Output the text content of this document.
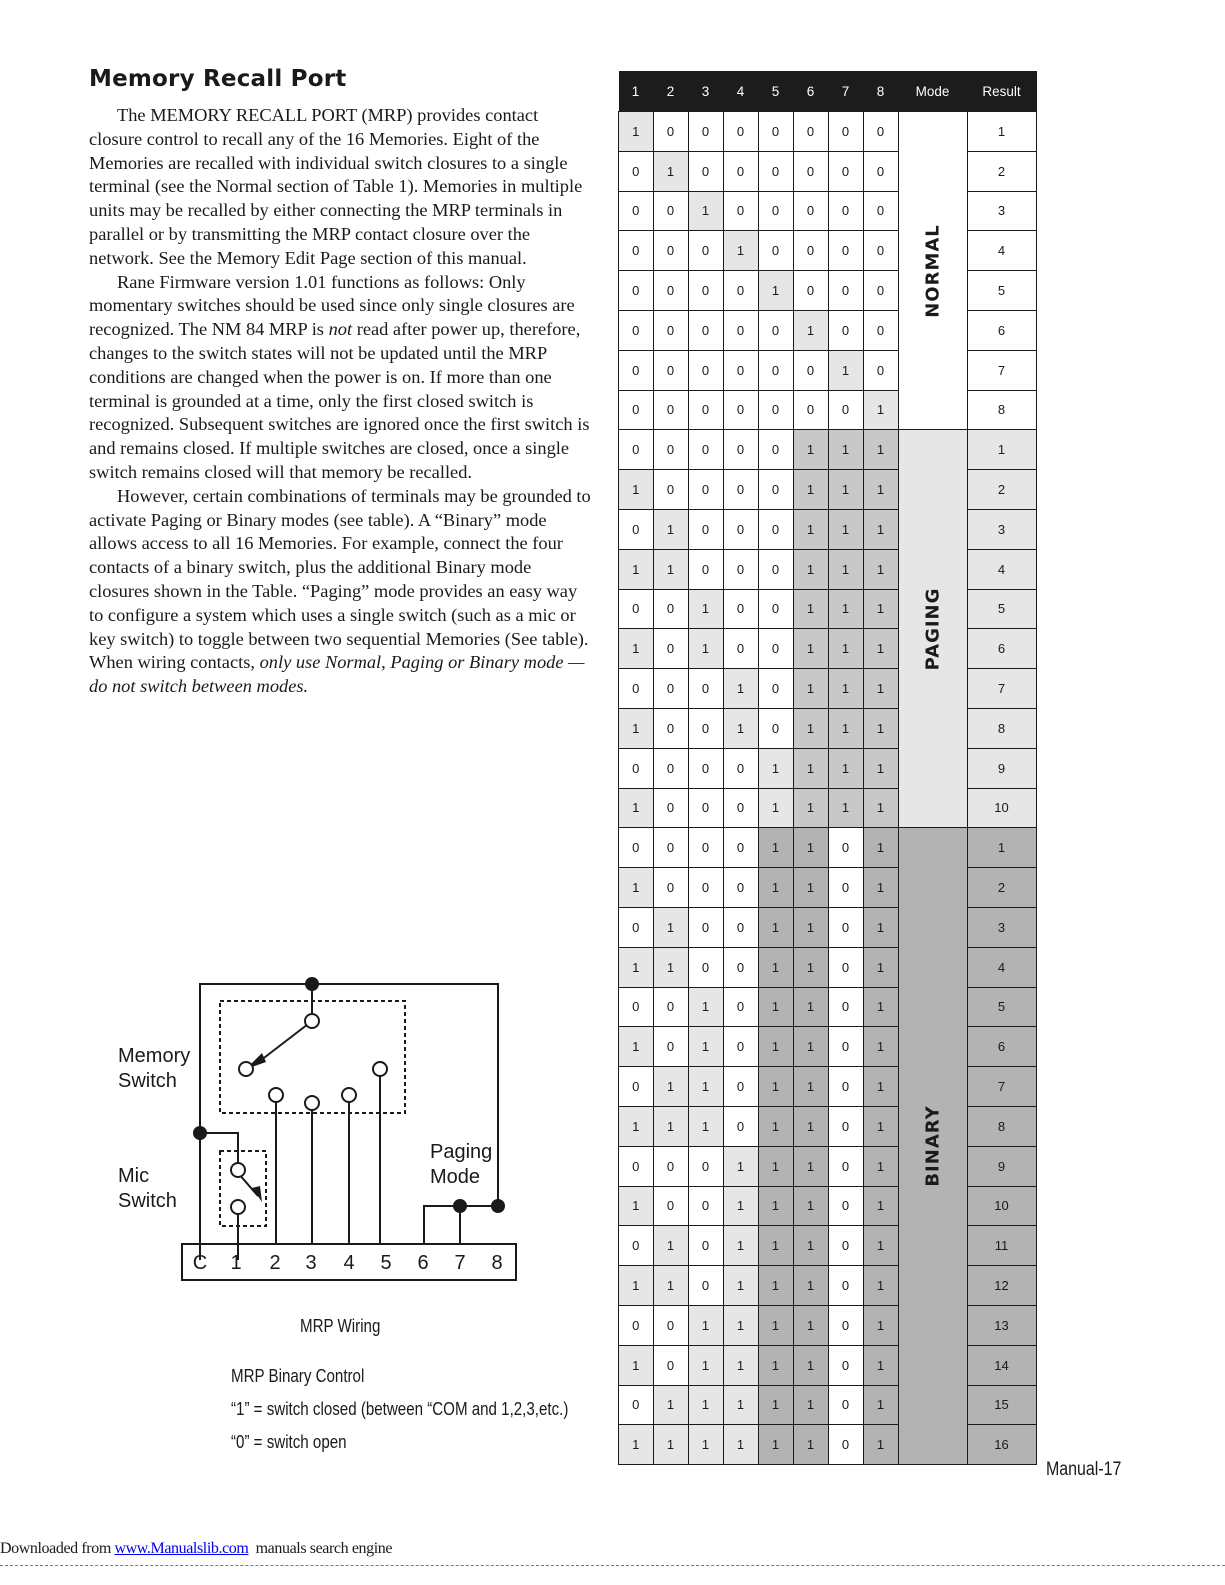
Memory Recall Port

The MEMORY RECALL PORT (MRP) provides contact closure control to recall any of the 16 Memories. Eight of the Memories are recalled with individual switch closures to a single terminal (see the Normal section of Table 1). Memories in multiple units may be recalled by either connecting the MRP terminals in parallel or by transmitting the MRP contact closure over the network. See the Memory Edit Page section of this manual.

Rane Firmware version 1.01 functions as follows: Only momentary switches should be used since only single closures are recognized. The NM 84 MRP is not read after power up, therefore, changes to the switch states will not be updated until the MRP conditions are changed when the power is on. If more than one terminal is grounded at a time, only the first closed switch is recognized. Subsequent switches are ignored once the first switch is and remains closed. If multiple switches are closed, once a single switch remains closed will that memory be recalled.

However, certain combinations of terminals may be grounded to activate Paging or Binary modes (see table). A “Binary” mode allows access to all 16 Memories. For example, connect the four contacts of a binary switch, plus the additional Binary mode closures shown in the Table. “Paging” mode provides an easy way to configure a system which uses a single switch (such as a mic or key switch) to toggle between two sequential Memories (See table). When wiring contacts, only use Normal, Paging or Binary mode — do not switch between modes.

C 1 2 3 4 5 6 7 8
Memory
Switch
Mic
Switch
Paging
Mode
MRP Wiring
MRP Binary Control
“1” = switch closed (between “COM and 1,2,3,etc.)
“0” = switch open
1	2	3	4	5	6	7	8	Mode	Result
1	0	0	0	0	0	0	0	NORMAL	1
0	1	0	0	0	0	0	0		2
0	0	1	0	0	0	0	0		3
0	0	0	1	0	0	0	0		4
0	0	0	0	1	0	0	0		5
0	0	0	0	0	1	0	0		6
0	0	0	0	0	0	1	0		7
0	0	0	0	0	0	0	1		8
0	0	0	0	0	1	1	1	PAGING	1
1	0	0	0	0	1	1	1		2
0	1	0	0	0	1	1	1		3
1	1	0	0	0	1	1	1		4
0	0	1	0	0	1	1	1		5
1	0	1	0	0	1	1	1		6
0	0	0	1	0	1	1	1		7
1	0	0	1	0	1	1	1		8
0	0	0	0	1	1	1	1		9
1	0	0	0	1	1	1	1		10
0	0	0	0	1	1	0	1	BINARY	1
1	0	0	0	1	1	0	1		2
0	1	0	0	1	1	0	1		3
1	1	0	0	1	1	0	1		4
0	0	1	0	1	1	0	1		5
1	0	1	0	1	1	0	1		6
0	1	1	0	1	1	0	1		7
1	1	1	0	1	1	0	1		8
0	0	0	1	1	1	0	1		9
1	0	0	1	1	1	0	1		10
0	1	0	1	1	1	0	1		11
1	1	0	1	1	1	0	1		12
0	0	1	1	1	1	0	1		13
1	0	1	1	1	1	0	1		14
0	1	1	1	1	1	0	1		15
1	1	1	1	1	1	0	1		16
Manual-17
Downloaded from www.Manualslib.com  manuals search engine
